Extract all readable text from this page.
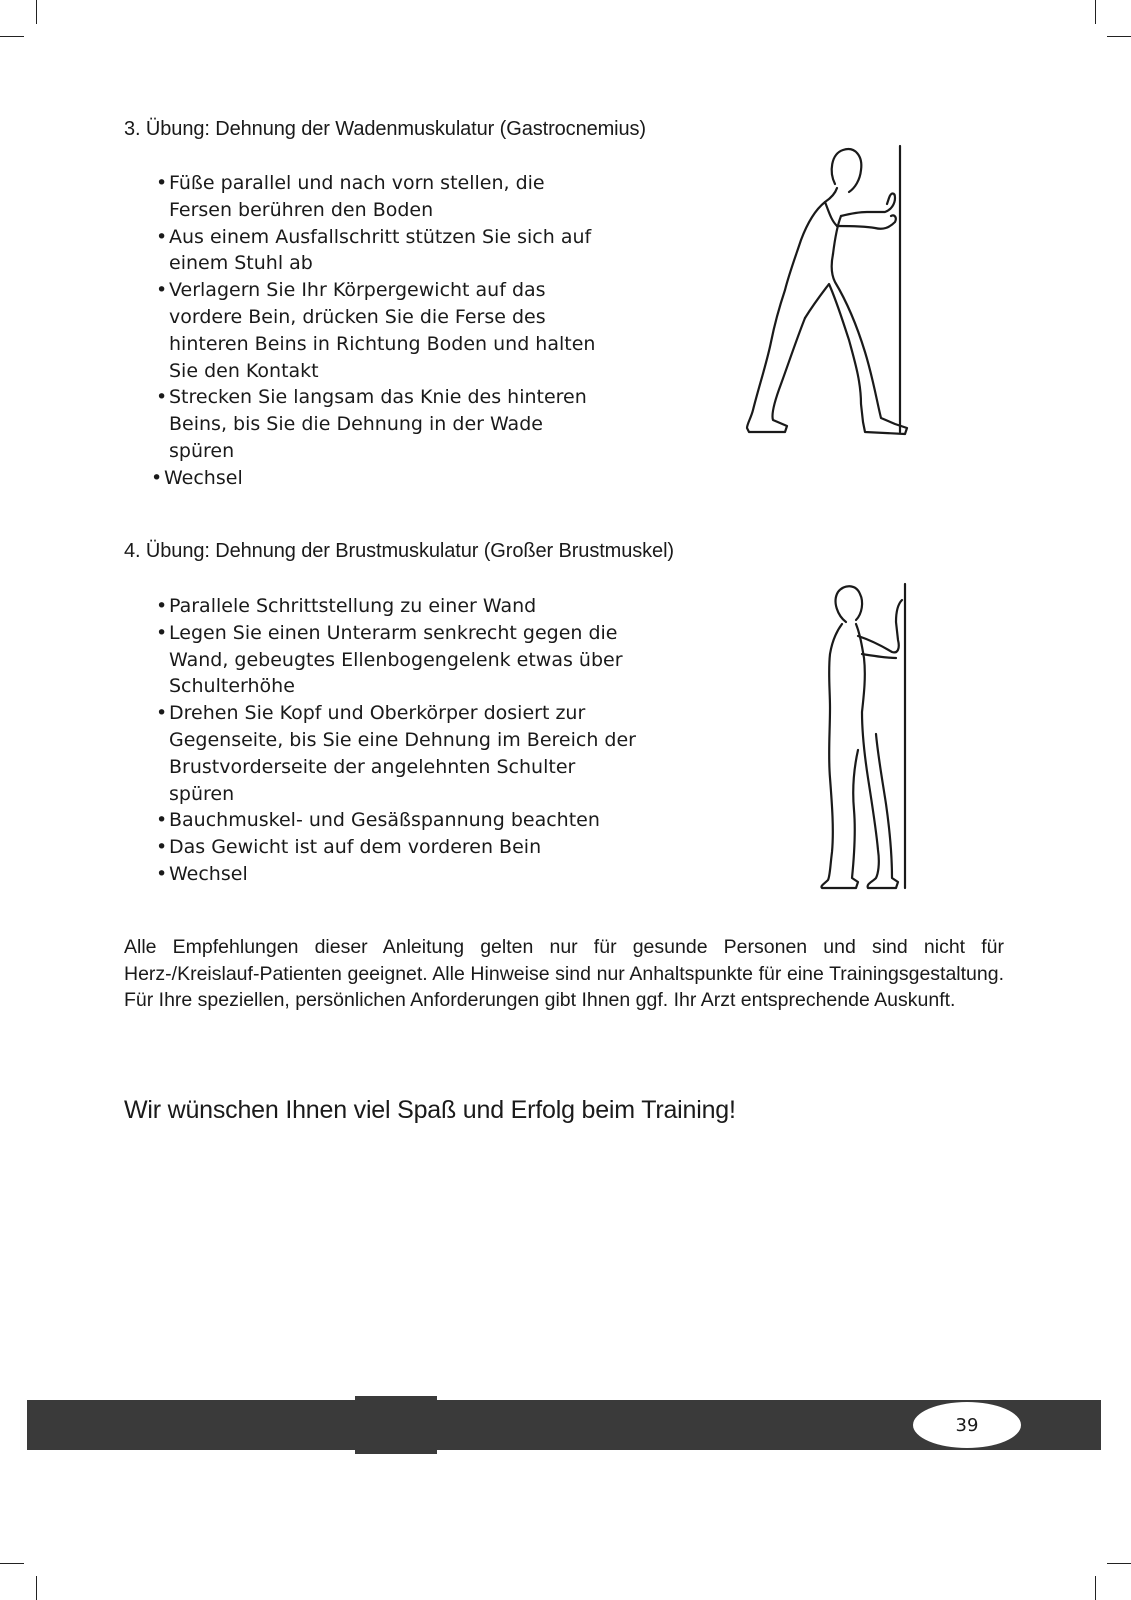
3. Übung: Dehnung der Wadenmuskulatur (Gastrocnemius)
• Füße parallel und nach vorn stellen, die Fersen berühren den Boden
• Aus einem Ausfallschritt stützen Sie sich auf einem Stuhl ab
• Verlagern Sie Ihr Körpergewicht auf das vordere Bein, drücken Sie die Ferse des hinteren Beins in Richtung Boden und halten Sie den Kontakt
• Strecken Sie langsam das Knie des hinteren Beins, bis Sie die Dehnung in der Wade spüren
• Wechsel
4. Übung: Dehnung der Brustmuskulatur (Großer Brustmuskel)
• Parallele Schrittstellung zu einer Wand
• Legen Sie einen Unterarm senkrecht gegen die Wand, gebeugtes Ellenbogengelenk etwas über Schulterhöhe
• Drehen Sie Kopf und Oberkörper dosiert zur Gegenseite, bis Sie eine Dehnung im Bereich der Brustvorderseite der angelehnten Schulter spüren
• Bauchmuskel- und Gesäßspannung beachten
• Das Gewicht ist auf dem vorderen Bein
• Wechsel

Alle Empfehlungen dieser Anleitung gelten nur für gesunde Personen und sind nicht für Herz-/Kreislauf-Patienten geeignet. Alle Hinweise sind nur Anhaltspunkte für eine Trainingsgestaltung. Für Ihre speziellen, persönlichen Anforderungen gibt Ihnen ggf. Ihr Arzt entsprechende Auskunft.

Wir wünschen Ihnen viel Spaß und Erfolg beim Training!

39
